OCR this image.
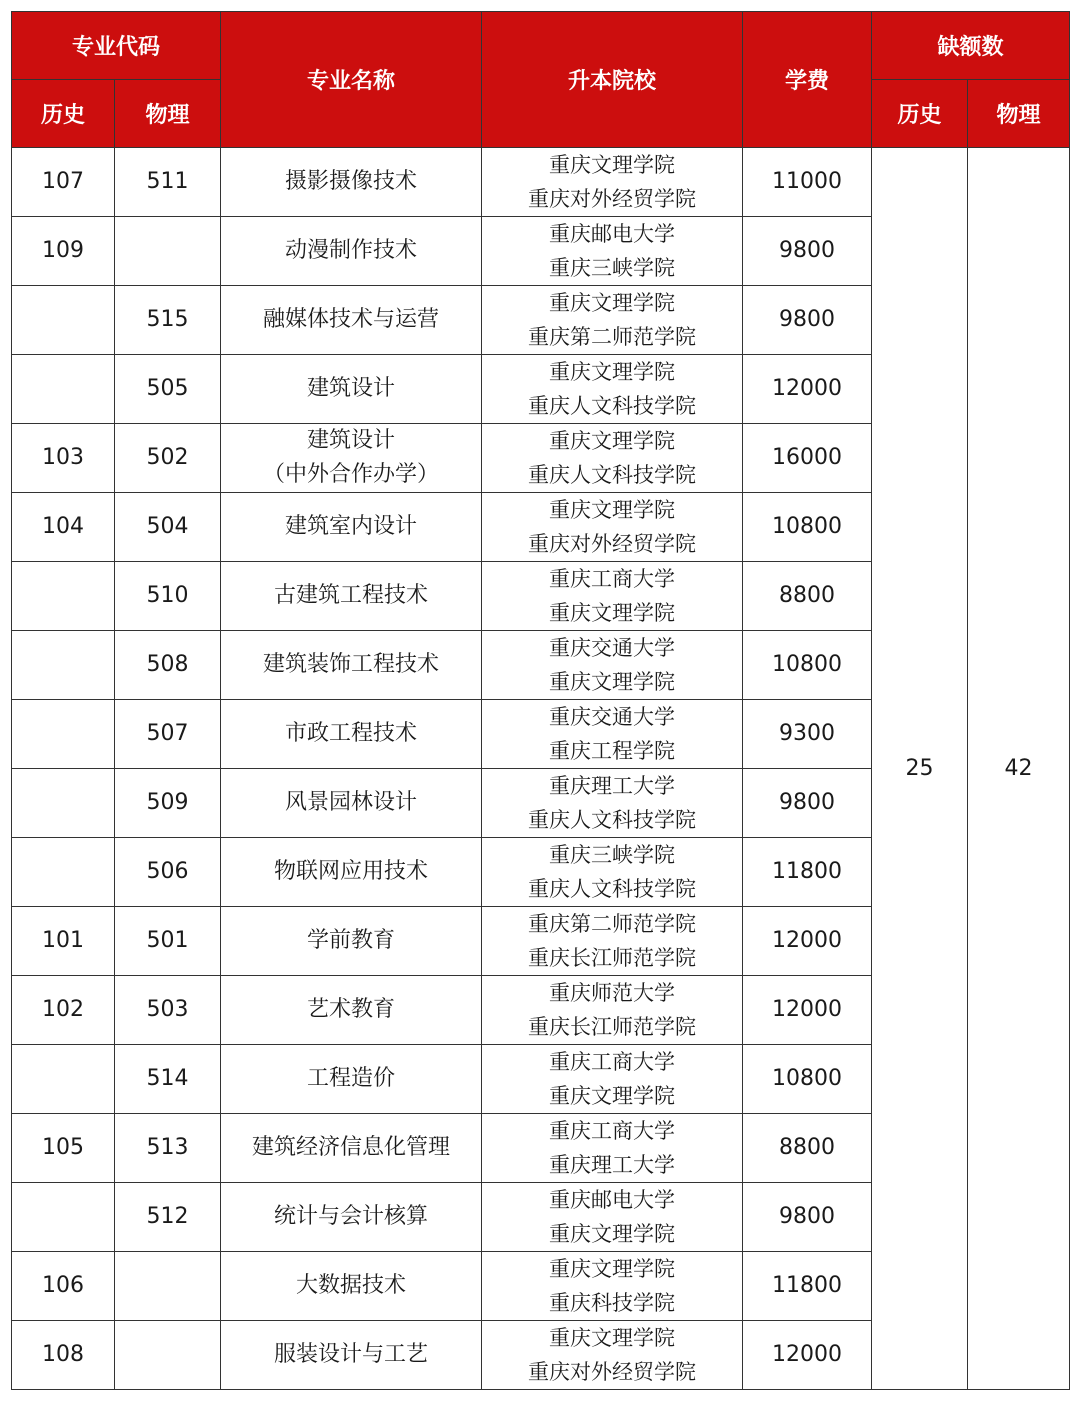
专业代码		专业名称	升本院校	学费	缺额数	
历史	物理				历史	物理
107	511	摄影摄像技术	重庆文理学院
重庆对外经贸学院	11000	25	42
109		动漫制作技术	重庆邮电大学
重庆三峡学院	9800		
	515	融媒体技术与运营	重庆文理学院
重庆第二师范学院	9800		
	505	建筑设计	重庆文理学院
重庆人文科技学院	12000		
103	502	建筑设计
（中外合作办学）	重庆文理学院
重庆人文科技学院	16000		
104	504	建筑室内设计	重庆文理学院
重庆对外经贸学院	10800		
	510	古建筑工程技术	重庆工商大学
重庆文理学院	8800		
	508	建筑装饰工程技术	重庆交通大学
重庆文理学院	10800		
	507	市政工程技术	重庆交通大学
重庆工程学院	9300		
	509	风景园林设计	重庆理工大学
重庆人文科技学院	9800		
	506	物联网应用技术	重庆三峡学院
重庆人文科技学院	11800		
101	501	学前教育	重庆第二师范学院
重庆长江师范学院	12000		
102	503	艺术教育	重庆师范大学
重庆长江师范学院	12000		
	514	工程造价	重庆工商大学
重庆文理学院	10800		
105	513	建筑经济信息化管理	重庆工商大学
重庆理工大学	8800		
	512	统计与会计核算	重庆邮电大学
重庆文理学院	9800		
106		大数据技术	重庆文理学院
重庆科技学院	11800		
108		服装设计与工艺	重庆文理学院
重庆对外经贸学院	12000		
